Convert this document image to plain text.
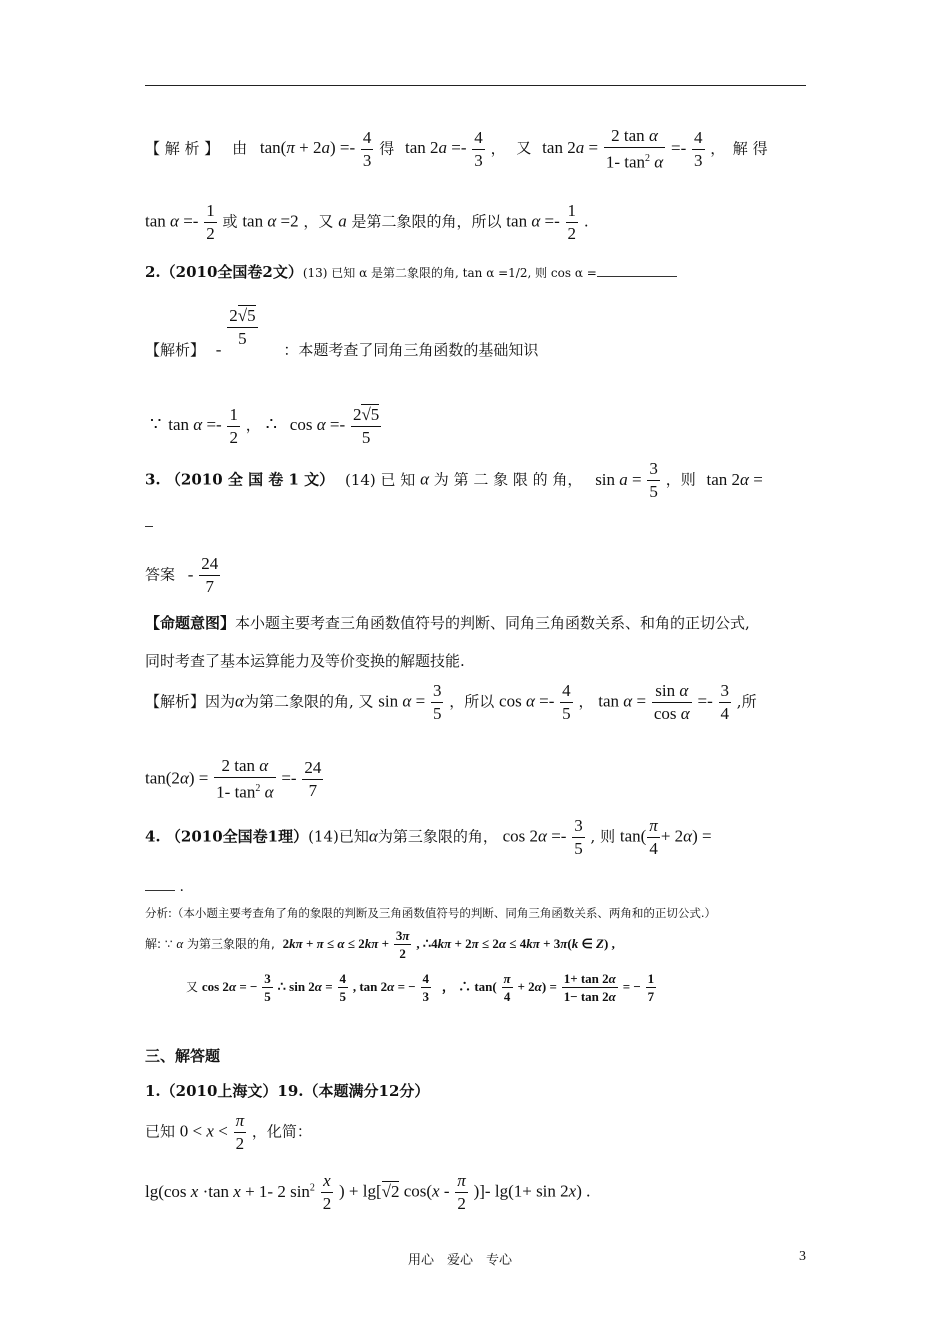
【 解 析 】 由 $\tan(\pi + 2a) =- \frac{4}{3}$ 得 $\tan 2a =- \frac{4}{3}$ ， 又 $\tan 2a = \frac{\text{2 tan α}}{1- \tan^2 \alpha} =- \frac{4}{3}$ ，　解 得
$\tan \alpha =- \frac{1}{2}$ 或 tan α =2 ，又 a 是第二象限的角，所以 $\tan \alpha =- \frac{1}{2}$ .
2.（2010全国卷2文）(13) 已知 α 是第二象限的角, tan α =1/2, 则 cos α =
【解析】 - $\frac{2√5}{5}$ ：本题考查了同角三角函数的基础知识
∵ $\tan \alpha =- \frac{1}{2}$ ， ∴ $\cos \alpha =- \frac{2√5}{5}$
3. （2010 全 国 卷 1 文） (14) 已 知 α 为 第 二 象 限 的 角， $\sin a = \frac{3}{5}$ ，则 tan 2α =
答案 - $\frac{24}{7}$
【命题意图】本小题主要考查三角函数值符号的判断、同角三角函数关系、和角的正切公式,
同时考查了基本运算能力及等价变换的解题技能.
【解析】因为α为第二象限的角, 又 $\sin \alpha = \frac{3}{5}$ ，所以 $\cos \alpha =- \frac{4}{5}$ ， $\tan \alpha = \frac{\text{sin α}}{\text{cos α}} =- \frac{3}{4}$ ,所
$\tan(2\alpha) = \frac{\text{2 tan α}}{1- \tan^2 \alpha} =- \frac{24}{7}$
4. （2010全国卷1理）(14)已知α为第三象限的角， $\cos 2\alpha =- \frac{3}{5}$ , 则 $\tan( \frac{\pi}{4} + 2\alpha)$ =
.
分析:（本小题主要考查角了角的象限的判断及三角函数值符号的判断、同角三角函数关系、两角和的正切公式.）
解: ∵ α 为第三象限的角, $2k\pi + \pi \le \alpha \le 2k\pi + \frac{3\pi}{2}$ , ∴4kπ + 2π ≤ 2α ≤ 4kπ + 3π(k ∈ Z) ,
又 cos 2α = − $\frac{3}{5}$ ∴ $\sin 2\alpha = \frac{4}{5}$ , tan 2α = − $\frac{4}{3}$ ， ∴ $\tan( \frac{\pi}{4} + 2\alpha) = \frac{1+ \tan 2\alpha}{1- \tan 2\alpha}$ = − $\frac{1}{7}$
三、解答题
1.（2010上海文）19.（本题满分12分）
已知 $0 < x < \frac{\pi}{2}$ ，化简：
lg(cos x ·tan x + 1- 2 $\sin^2 \frac{x}{2}$ ) + lg[√2 $\cos(x - \frac{\pi}{2}$ )]- lg(1+ sin 2x) .
用心　爱心　专心	3
